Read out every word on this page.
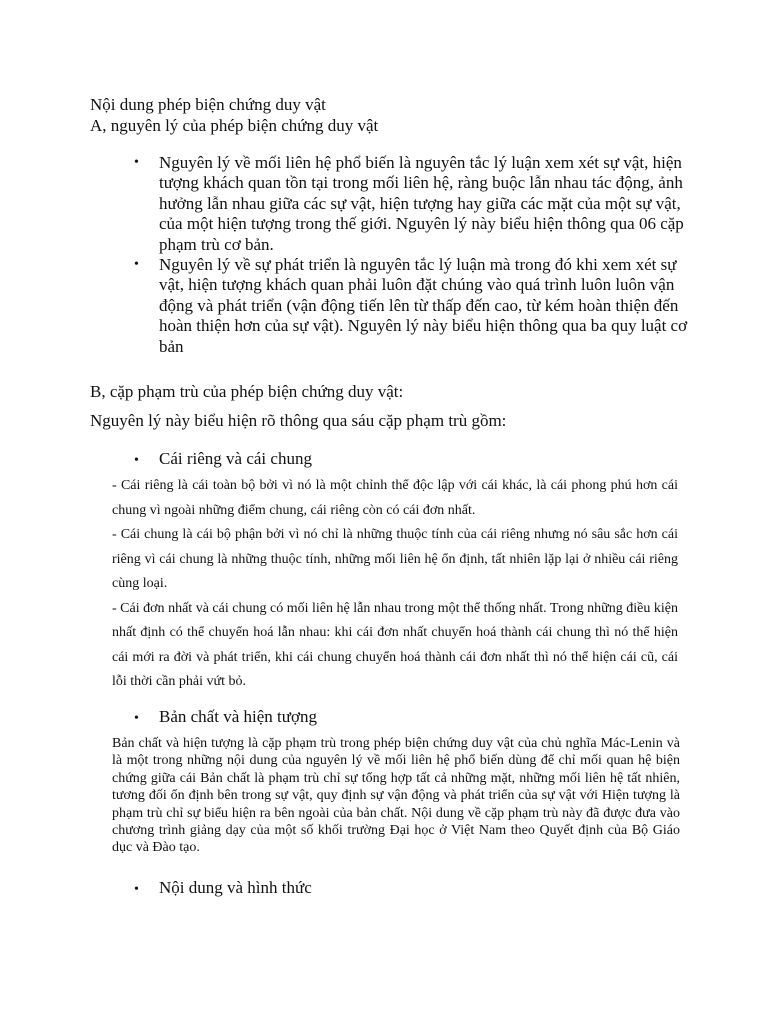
Nội dung phép biện chứng duy vật
A, nguyên lý của phép biện chứng duy vật
• Nguyên lý về mối liên hệ phổ biến là nguyên tắc lý luận xem xét sự vật, hiện tượng khách quan tồn tại trong mối liên hệ, ràng buộc lẫn nhau tác động, ảnh hưởng lẫn nhau giữa các sự vật, hiện tượng hay giữa các mặt của một sự vật, của một hiện tượng trong thế giới. Nguyên lý này biểu hiện thông qua 06 cặp phạm trù cơ bản.
• Nguyên lý về sự phát triển là nguyên tắc lý luận mà trong đó khi xem xét sự vật, hiện tượng khách quan phải luôn đặt chúng vào quá trình luôn luôn vận động và phát triển (vận động tiến lên từ thấp đến cao, từ kém hoàn thiện đến hoàn thiện hơn của sự vật). Nguyên lý này biểu hiện thông qua ba quy luật cơ bản
B, cặp phạm trù của phép biện chứng duy vật:
Nguyên lý này biểu hiện rõ thông qua sáu cặp phạm trù gồm:
• Cái riêng và cái chung

- Cái riêng là cái toàn bộ bởi vì nó là một chỉnh thể độc lập với cái khác, là cái phong phú hơn cái chung vì ngoài những điểm chung, cái riêng còn có cái đơn nhất.

- Cái chung là cái bộ phận bởi vì nó chỉ là những thuộc tính của cái riêng nhưng nó sâu sắc hơn cái riêng vì cái chung là những thuộc tính, những mối liên hệ ổn định, tất nhiên lặp lại ở nhiều cái riêng cùng loại.

- Cái đơn nhất và cái chung có mối liên hệ lẫn nhau trong một thể thống nhất. Trong những điều kiện nhất định có thể chuyển hoá lẫn nhau: khi cái đơn nhất chuyển hoá thành cái chung thì nó thể hiện cái mới ra đời và phát triển, khi cái chung chuyển hoá thành cái đơn nhất thì nó thể hiện cái cũ, cái lỗi thời cần phải vứt bỏ.

• Bản chất và hiện tượng

Bản chất và hiện tượng là cặp phạm trù trong phép biện chứng duy vật của chủ nghĩa Mác-Lenin và là một trong những nội dung của nguyên lý về mối liên hệ phổ biến dùng để chỉ mối quan hệ biện chứng giữa cái Bản chất là phạm trù chỉ sự tổng hợp tất cả những mặt, những mối liên hệ tất nhiên, tương đối ổn định bên trong sự vật, quy định sự vận động và phát triển của sự vật với Hiện tượng là phạm trù chỉ sự biểu hiện ra bên ngoài của bản chất. Nội dung về cặp phạm trù này đã được đưa vào chương trình giảng dạy của một số khối trường Đại học ở Việt Nam theo Quyết định của Bộ Giáo dục và Đào tạo.

• Nội dung và hình thức
